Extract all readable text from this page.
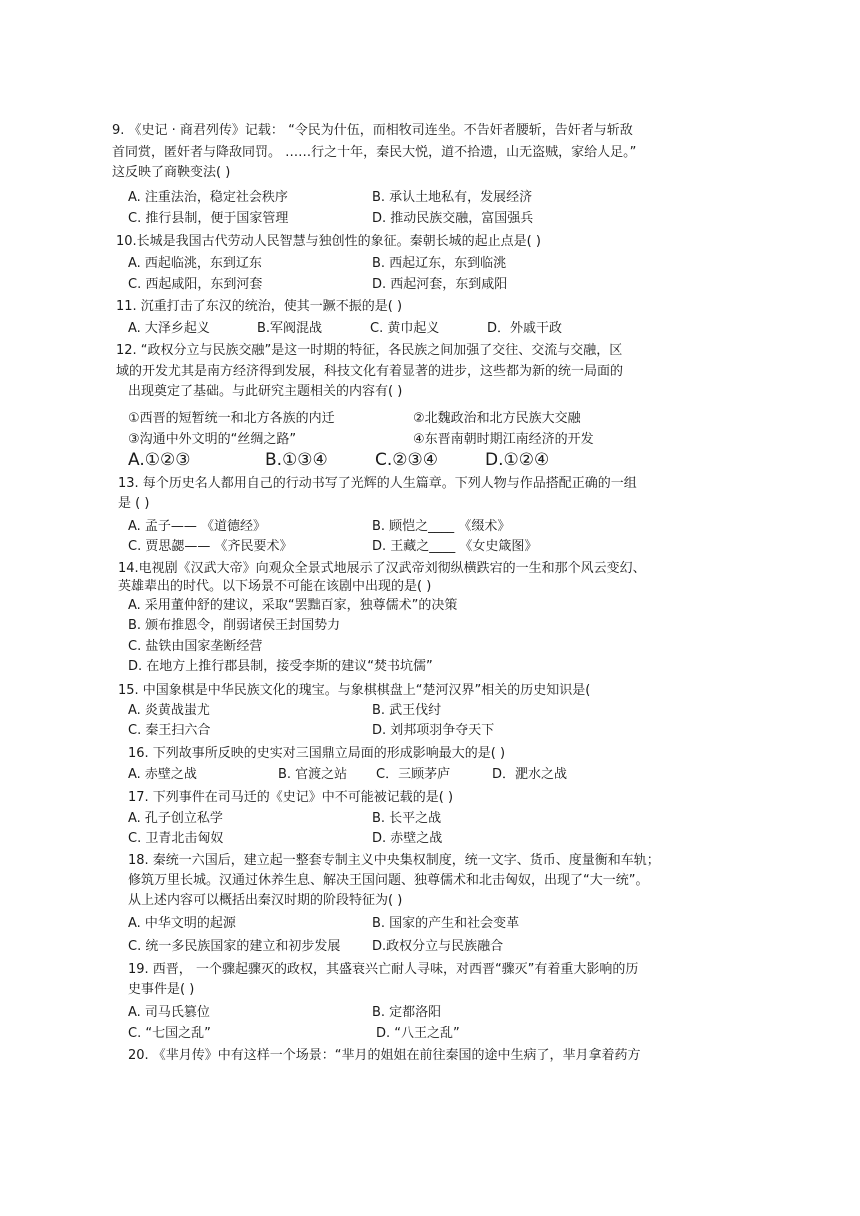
9. 《史记 · 商君列传》记载： “令民为什伍，而相牧司连坐。不告奸者腰斩，告奸者与斩敌
首同赏，匿奸者与降敌同罚。 ……行之十年，秦民大悦，道不拾遗，山无盗贼，家给人足。”
这反映了商鞅变法( )
A. 注重法治，稳定社会秩序	B. 承认土地私有，发展经济
C. 推行县制，便于国家管理	D. 推动民族交融，富国强兵
10.长城是我国古代劳动人民智慧与独创性的象征。秦朝长城的起止点是( )
A. 西起临洮，东到辽东	B. 西起辽东，东到临洮
C. 西起咸阳，东到河套	D. 西起河套，东到咸阳
11. 沉重打击了东汉的统治，使其一蹶不振的是( )
A. 大泽乡起义	B.军阀混战	C. 黄巾起义	D．外戚干政
12. “政权分立与民族交融”是这一时期的特征，各民族之间加强了交往、交流与交融，区
域的开发尤其是南方经济得到发展，科技文化有着显著的进步，这些都为新的统一局面的
出现奠定了基础。与此研究主题相关的内容有( )
①西晋的短暂统一和北方各族的内迁	②北魏政治和北方民族大交融
③沟通中外文明的“丝绸之路”	④东晋南朝时期江南经济的开发
A.①②③	B.①③④	C.②③④	D.①②④
13. 每个历史名人都用自己的行动书写了光辉的人生篇章。下列人物与作品搭配正确的一组
是 ( )
A. 孟子—— 《道德经》	B. 顾恺之____ 《缀术》
C. 贾思勰—— 《齐民要术》	D. 王藏之____ 《女史箴图》
14.电视剧《汉武大帝》向观众全景式地展示了汉武帝刘彻纵横跌宕的一生和那个风云变幻、
英雄辈出的时代。以下场景不可能在该剧中出现的是( )
A. 采用董仲舒的建议，采取“罢黜百家，独尊儒术”的决策
B. 颁布推恩令，削弱诸侯王封国势力
C. 盐铁由国家垄断经营
D. 在地方上推行郡县制，接受李斯的建议“焚书坑儒”
15. 中国象棋是中华民族文化的瑰宝。与象棋棋盘上“楚河汉界”相关的历史知识是(
A. 炎黄战蚩尤	B. 武王伐纣
C. 秦王扫六合	D. 刘邦项羽争夺天下
16. 下列故事所反映的史实对三国鼎立局面的形成影响最大的是( )
A. 赤壁之战	B. 官渡之站 C．三顾茅庐	D．淝水之战
17. 下列事件在司马迁的《史记》中不可能被记载的是( )
A. 孔子创立私学	B. 长平之战
C. 卫青北击匈奴	D. 赤壁之战
18. 秦统一六国后，建立起一整套专制主义中央集权制度，统一文字、货币、度量衡和车轨；
修筑万里长城。汉通过休养生息、解决王国问题、独尊儒术和北击匈奴，出现了“大一统”。
从上述内容可以概括出秦汉时期的阶段特征为( )
A. 中华文明的起源	B. 国家的产生和社会变革
C. 统一多民族国家的建立和初步发展 D.政权分立与民族融合
19. 西晋， 一个骤起骤灭的政权，其盛衰兴亡耐人寻味，对西晋“骤灭”有着重大影响的历
史事件是( )
A. 司马氏篡位	B. 定都洛阳
C. “七国之乱”	D. “八王之乱”
20. 《芈月传》中有这样一个场景：“芈月的姐姐在前往秦国的途中生病了，芈月拿着药方
